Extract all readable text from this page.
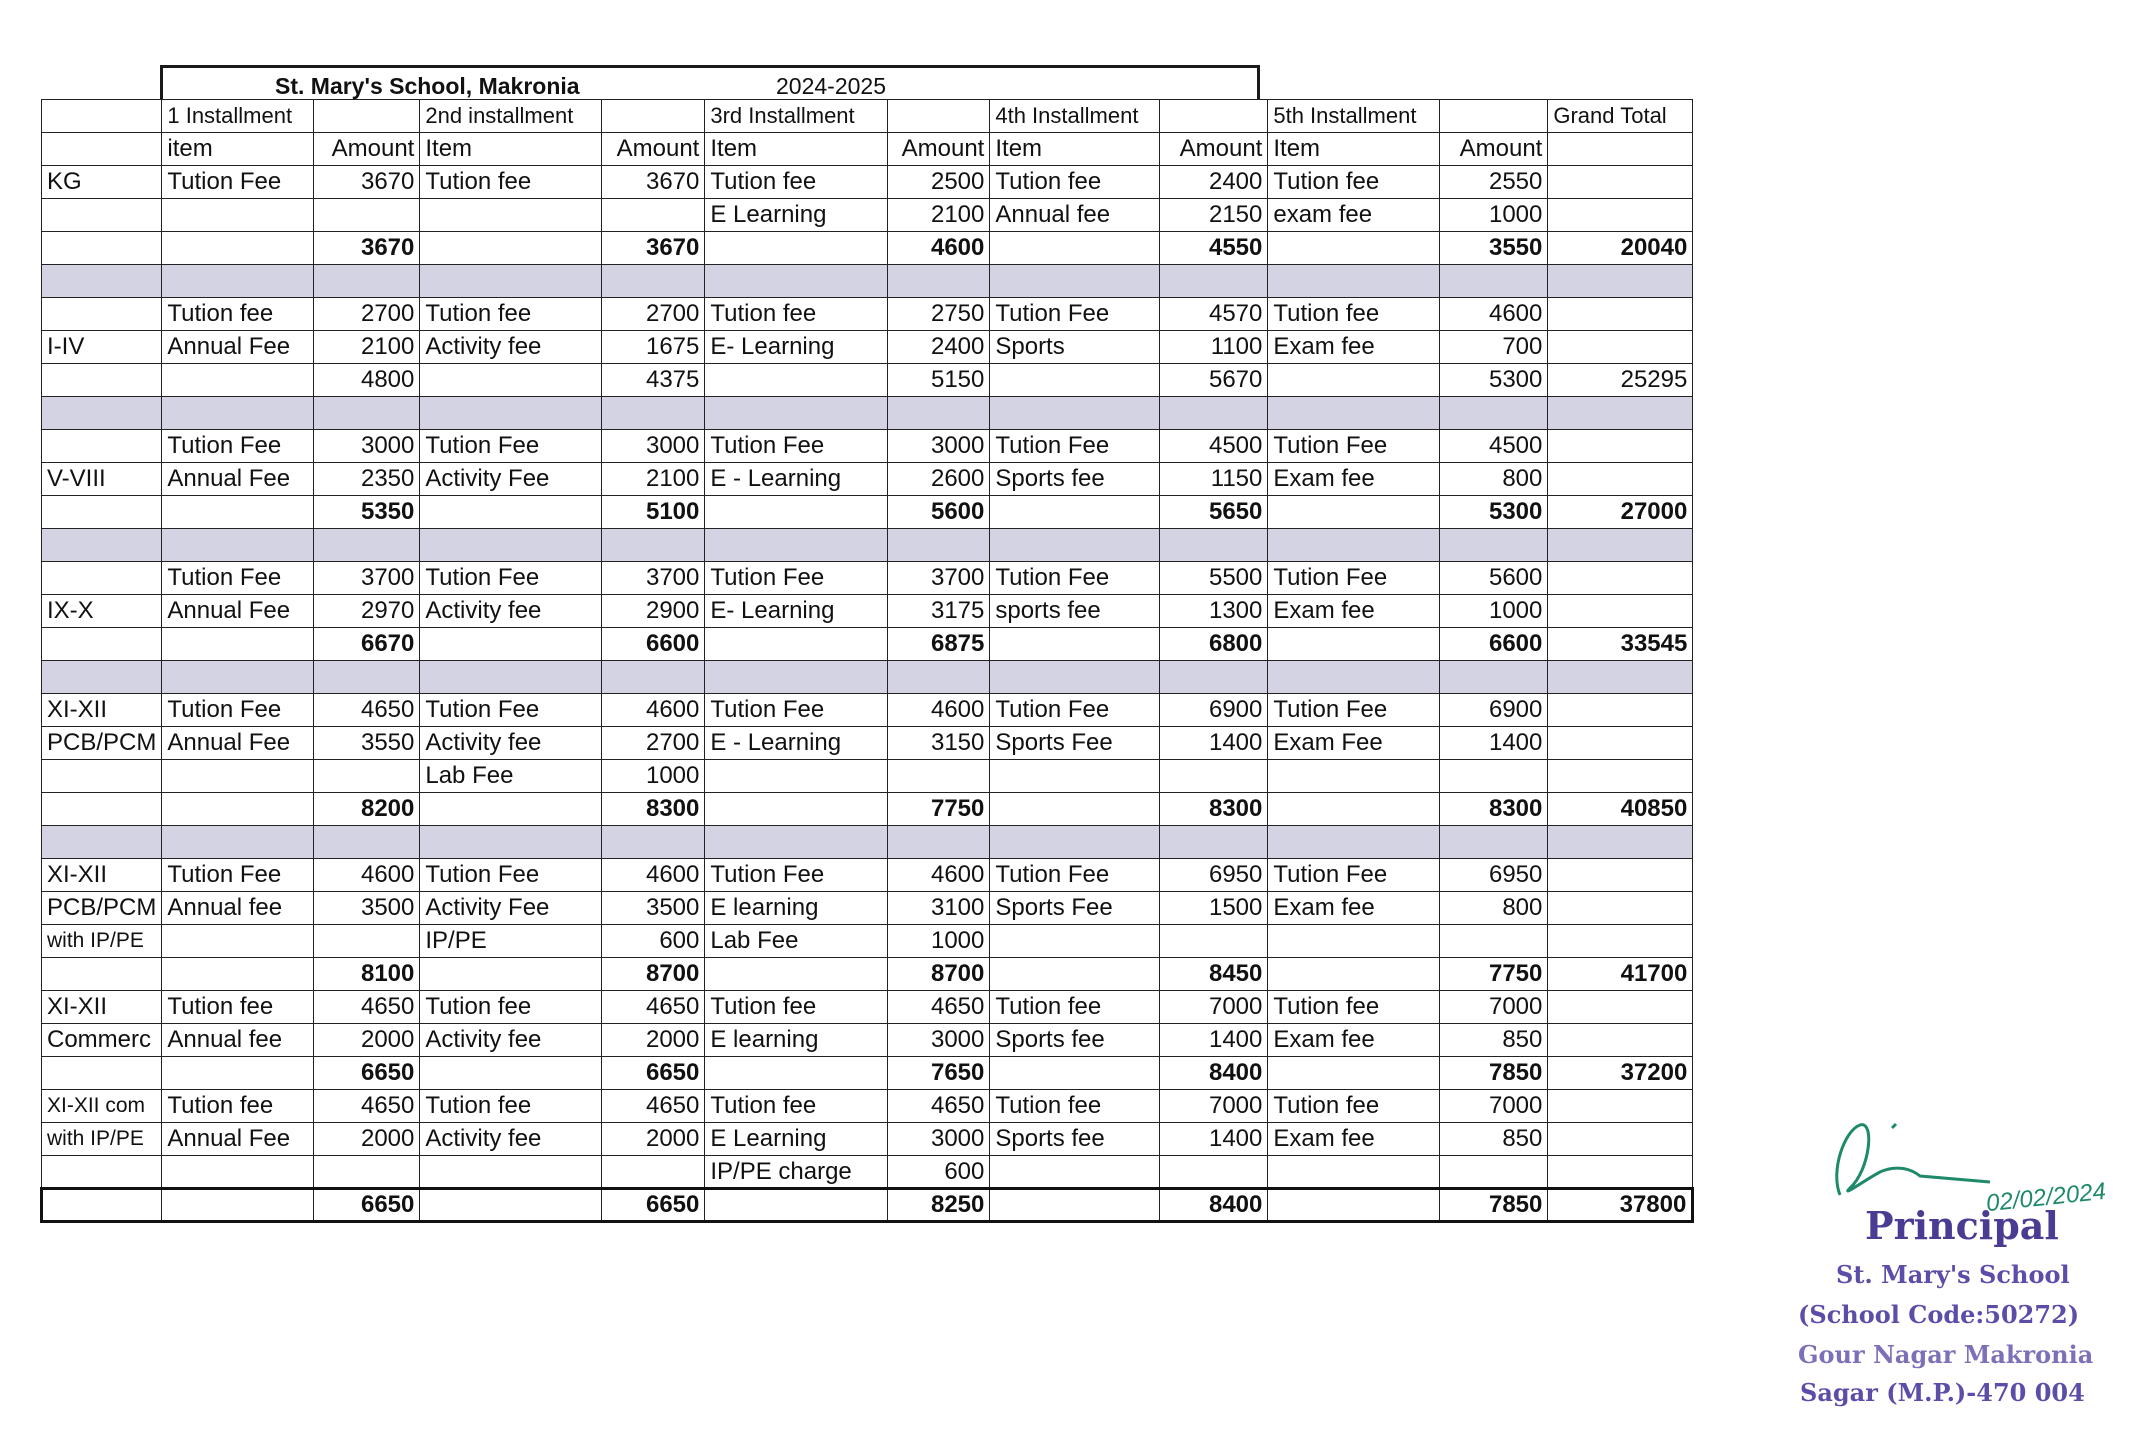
St. Mary's School, Makronia	2024-2025
	1 Installment		2nd installment		3rd Installment		4th Installment		5th Installment		Grand Total
	item	Amount	Item	Amount	Item	Amount	Item	Amount	Item	Amount	
KG	Tution Fee	3670	Tution fee	3670	Tution fee	2500	Tution fee	2400	Tution fee	2550	
					E Learning	2100	Annual fee	2150	exam fee	1000	
		3670		3670		4600		4550		3550	20040

	Tution fee	2700	Tution fee	2700	Tution fee	2750	Tution Fee	4570	Tution fee	4600	
I-IV	Annual Fee	2100	Activity fee	1675	E- Learning	2400	Sports	1100	Exam fee	700	
		4800		4375		5150		5670		5300	25295

	Tution Fee	3000	Tution Fee	3000	Tution Fee	3000	Tution Fee	4500	Tution Fee	4500	
V-VIII	Annual Fee	2350	Activity Fee	2100	E - Learning	2600	Sports fee	1150	Exam fee	800	
		5350		5100		5600		5650		5300	27000

	Tution Fee	3700	Tution Fee	3700	Tution Fee	3700	Tution Fee	5500	Tution Fee	5600	
IX-X	Annual Fee	2970	Activity fee	2900	E- Learning	3175	sports fee	1300	Exam fee	1000	
		6670		6600		6875		6800		6600	33545

XI-XII	Tution Fee	4650	Tution Fee	4600	Tution Fee	4600	Tution Fee	6900	Tution Fee	6900	
PCB/PCM	Annual Fee	3550	Activity fee	2700	E - Learning	3150	Sports Fee	1400	Exam Fee	1400	
			Lab Fee	1000							
		8200		8300		7750		8300		8300	40850

XI-XII	Tution Fee	4600	Tution Fee	4600	Tution Fee	4600	Tution Fee	6950	Tution Fee	6950	
PCB/PCM	Annual fee	3500	Activity Fee	3500	E learning	3100	Sports Fee	1500	Exam fee	800	
with IP/PE			IP/PE	600	Lab Fee	1000					
		8100		8700		8700		8450		7750	41700
XI-XII	Tution fee	4650	Tution fee	4650	Tution fee	4650	Tution fee	7000	Tution fee	7000	
Commerc	Annual fee	2000	Activity fee	2000	E learning	3000	Sports fee	1400	Exam fee	850	
		6650		6650		7650		8400		7850	37200
XI-XII com	Tution fee	4650	Tution fee	4650	Tution fee	4650	Tution fee	7000	Tution fee	7000	
with IP/PE	Annual Fee	2000	Activity fee	2000	E Learning	3000	Sports fee	1400	Exam fee	850	
					IP/PE charge	600					
		6650		6650		8250		8400		7850	37800	02/02/2024
Principal
St. Mary's School
(School Code:50272)
Gour Nagar Makronia
Sagar (M.P.)-470 004
